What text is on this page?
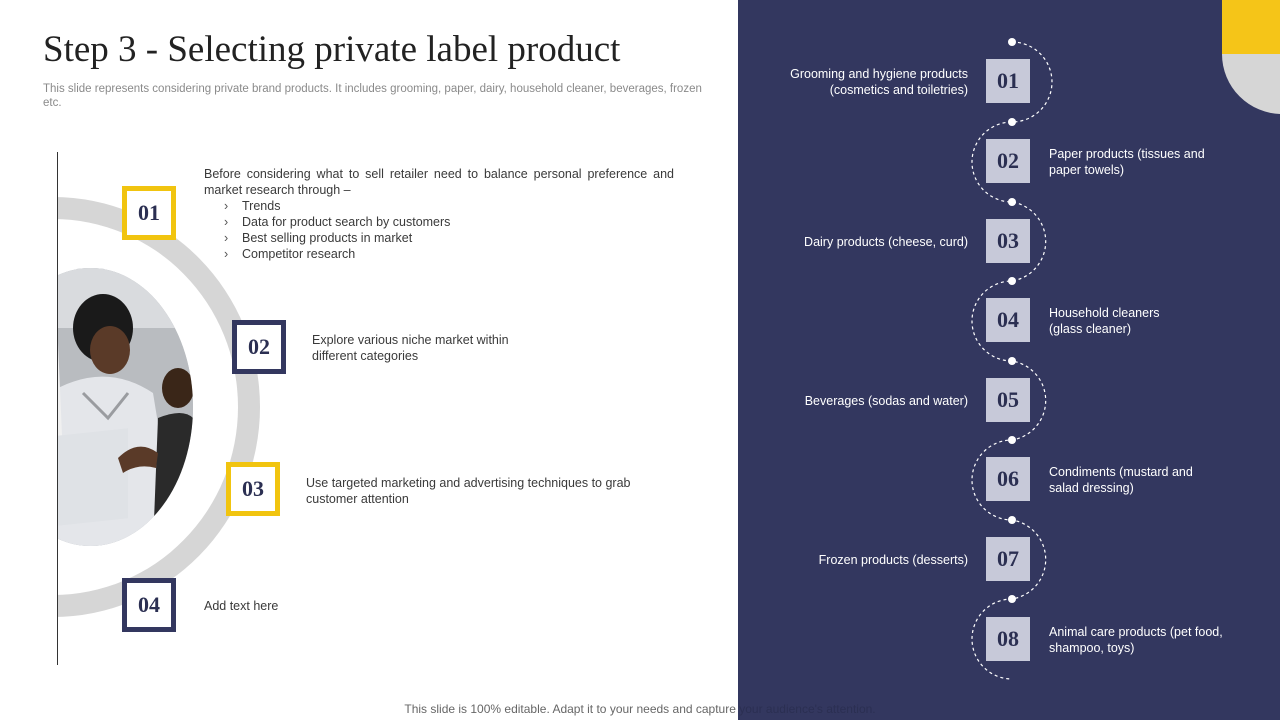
Step 3 - Selecting private label product
This slide represents considering private brand products. It includes grooming, paper, dairy, household cleaner, beverages, frozen etc.
01
02
03
04
Before considering what to sell retailer need to balance personal preference and market research through –
› Trends
› Data for product search by customers
› Best selling products in market
› Competitor research
Explore various niche market within different categories
Use targeted marketing and advertising techniques to grab customer attention
Add text here
01
02
03
04
05
06
07
08
Grooming and hygiene products
(cosmetics and toiletries)
Paper products (tissues and
paper towels)
Dairy products (cheese, curd)
Household cleaners
(glass cleaner)
Beverages (sodas and water)
Condiments (mustard and
salad dressing)
Frozen products (desserts)
Animal care products (pet food,
shampoo, toys)
This slide is 100% editable. Adapt it to your needs and capture your audience's attention.
